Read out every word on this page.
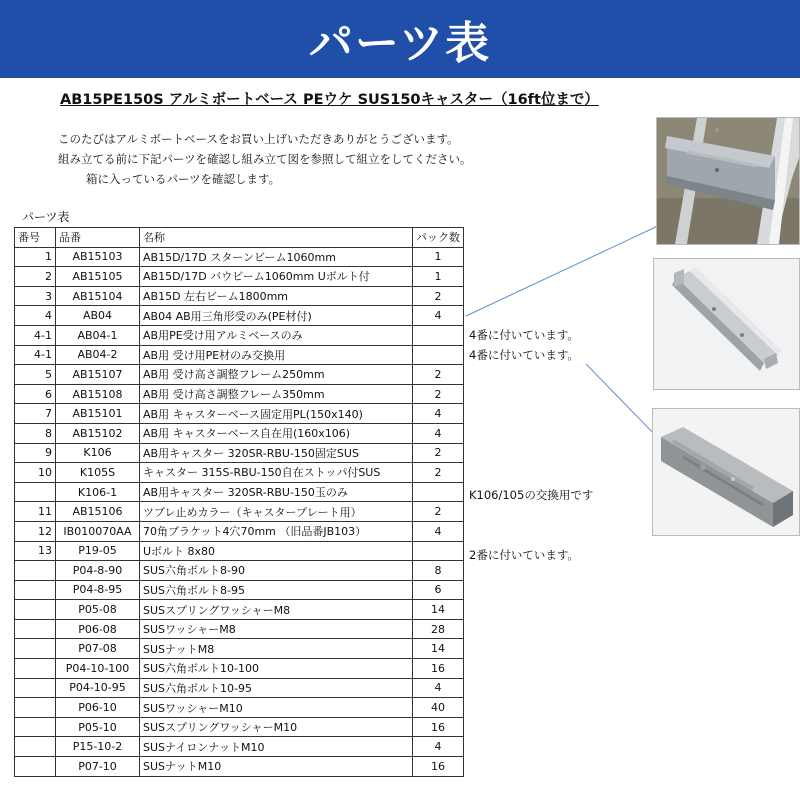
パーツ表
AB15PE150S アルミボートベース PEウケ SUS150キャスター（16ft位まで）
このたびはアルミボートベースをお買い上げいただきありがとうございます。
組み立てる前に下記パーツを確認し組み立て図を参照して組立をしてください。
箱に入っているパーツを確認します。
パーツ表
番号	品番	名称	パック数
1	AB15103	AB15D/17D スターンビーム1060mm	1
2	AB15105	AB15D/17D バウビーム1060mm Uボルト付	1
3	AB15104	AB15D 左右ビーム1800mm	2
4	AB04	AB04 AB用三角形受のみ(PE材付)	4
4-1	AB04-1	AB用PE受け用アルミベースのみ	
4-1	AB04-2	AB用 受け用PE材のみ交換用	
5	AB15107	AB用 受け高さ調整フレーム250mm	2
6	AB15108	AB用 受け高さ調整フレーム350mm	2
7	AB15101	AB用 キャスターベース固定用PL(150x140)	4
8	AB15102	AB用 キャスターベース自在用(160x106)	4
9	K106	AB用キャスター 320SR-RBU-150固定SUS	2
10	K105S	キャスター 315S-RBU-150自在ストッパ付SUS	2
	K106-1	AB用キャスター 320SR-RBU-150玉のみ	
11	AB15106	ツブレ止めカラー（キャスタープレート用）	2
12	IB010070AA	70角ブラケット4穴70mm （旧品番JB103）	4
13	P19-05	Uボルト 8x80	
	P04-8-90	SUS六角ボルト8-90	8
	P04-8-95	SUS六角ボルト8-95	6
	P05-08	SUSスプリングワッシャーM8	14
	P06-08	SUSワッシャーM8	28
	P07-08	SUSナットM8	14
	P04-10-100	SUS六角ボルト10-100	16
	P04-10-95	SUS六角ボルト10-95	4
	P06-10	SUSワッシャーM10	40
	P05-10	SUSスプリングワッシャーM10	16
	P15-10-2	SUSナイロンナットM10	4
	P07-10	SUSナットM10	16
4番に付いています。
4番に付いています。
K106/105の交換用です
2番に付いています。
